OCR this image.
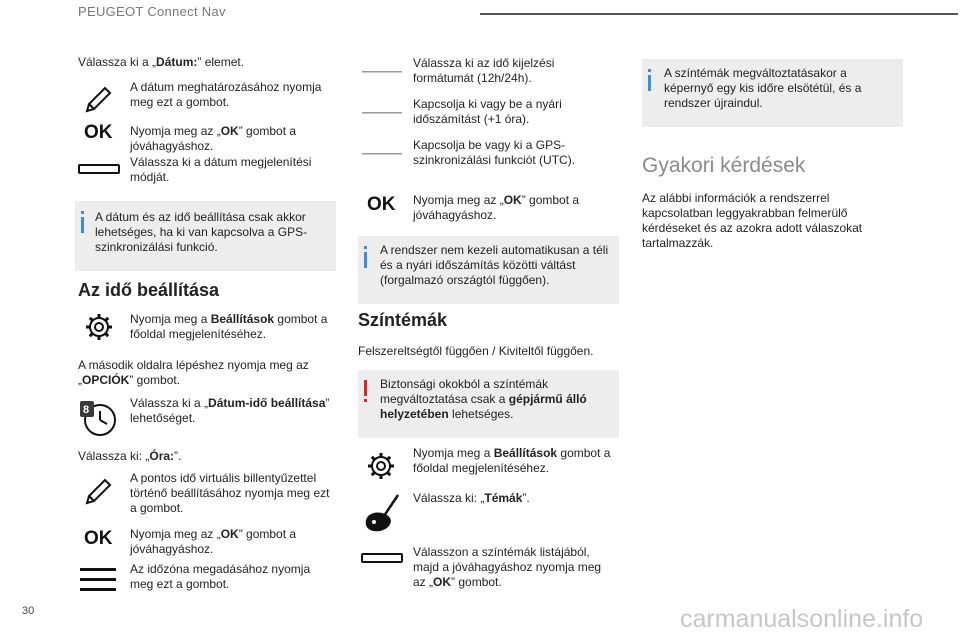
PEUGEOT Connect Nav
Válassza ki a „Dátum:” elemet.
A dátum meghatározásához nyomja meg ezt a gombot.
OK Nyomja meg az „OK” gombot a jóváhagyáshoz.
Válassza ki a dátum megjelenítési módját.
A dátum és az idő beállítása csak akkor lehetséges, ha ki van kapcsolva a GPS-szinkronizálási funkció.
Az idő beállítása
Nyomja meg a Beállítások gombot a főoldal megjelenítéséhez.
A második oldalra lépéshez nyomja meg az „OPCIÓK” gombot.
8	Válassza ki a „Dátum-idő beállítása” lehetőséget.
Válassza ki: „Óra:”.
A pontos idő virtuális billentyűzettel történő beállításához nyomja meg ezt a gombot.
OK Nyomja meg az „OK” gombot a jóváhagyáshoz.
Az időzóna megadásához nyomja meg ezt a gombot.
Válassza ki az idő kijelzési formátumát (12h/24h).
Kapcsolja ki vagy be a nyári időszámítást (+1 óra).
Kapcsolja be vagy ki a GPS-szinkronizálási funkciót (UTC).
OK Nyomja meg az „OK” gombot a jóváhagyáshoz.
A rendszer nem kezeli automatikusan a téli és a nyári időszámítás közötti váltást (forgalmazó országtól függően).
Színtémák
Felszereltségtől függően / Kiviteltől függően.
Biztonsági okokból a színtémák megváltoztatása csak a gépjármű álló helyzetében lehetséges.
Nyomja meg a Beállítások gombot a főoldal megjelenítéséhez.
Válassza ki: „Témák”.
Válasszon a színtémák listájából, majd a jóváhagyáshoz nyomja meg az „OK” gombot.
A színtémák megváltoztatásakor a képernyő egy kis időre elsötétül, és a rendszer újraindul.
Gyakori kérdések
Az alábbi információk a rendszerrel kapcsolatban leggyakrabban felmerülő kérdéseket és az azokra adott válaszokat tartalmazzák.
30	carmanualsonline.info
